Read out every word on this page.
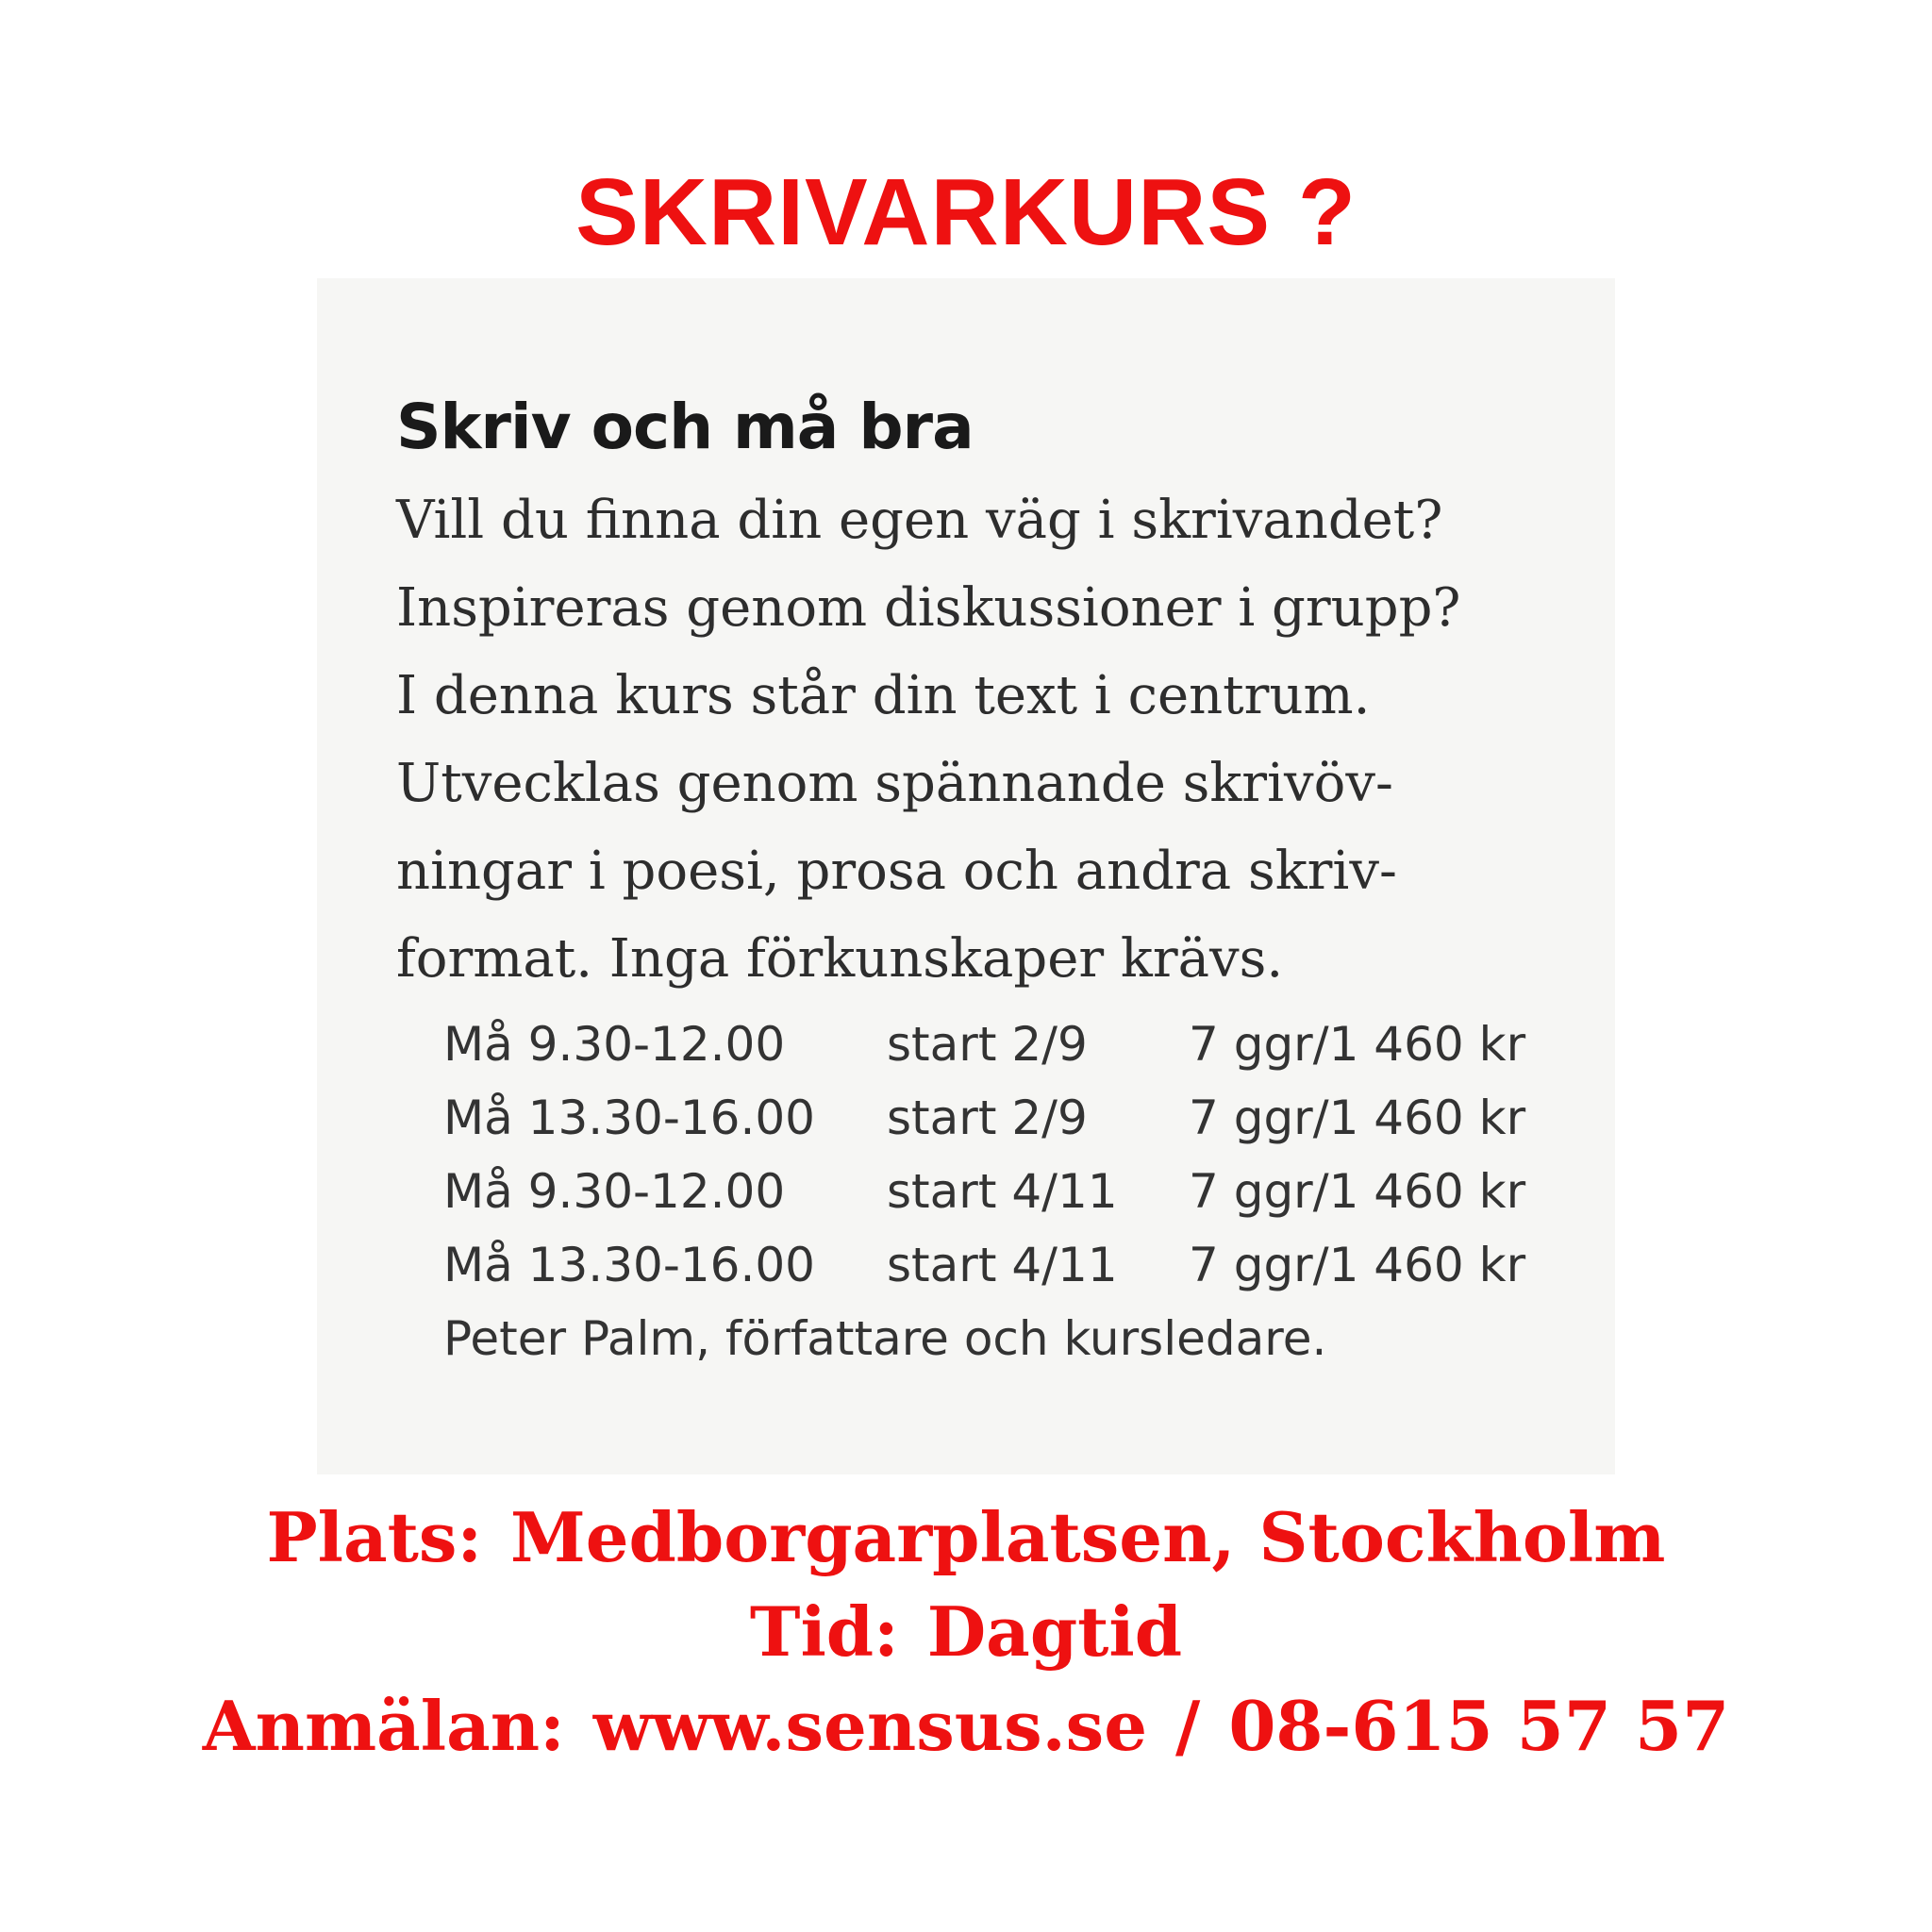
SKRIVARKURS ?
Skriv och må bra

Vill du finna din egen väg i skrivandet?
Inspireras genom diskussioner i grupp?
I denna kurs står din text i centrum.
Utvecklas genom spännande skrivöv-
ningar i poesi, prosa och andra skriv-
format. Inga förkunskaper krävs.

Må 9.30-12.00 start 2/9 7 ggr/1 460 kr
Må 13.30-16.00 start 2/9 7 ggr/1 460 kr
Må 9.30-12.00 start 4/11 7 ggr/1 460 kr
Må 13.30-16.00 start 4/11 7 ggr/1 460 kr

Peter Palm, författare och kursledare.

Plats: Medborgarplatsen, Stockholm
Tid: Dagtid
Anmälan: www.sensus.se / 08-615 57 57
